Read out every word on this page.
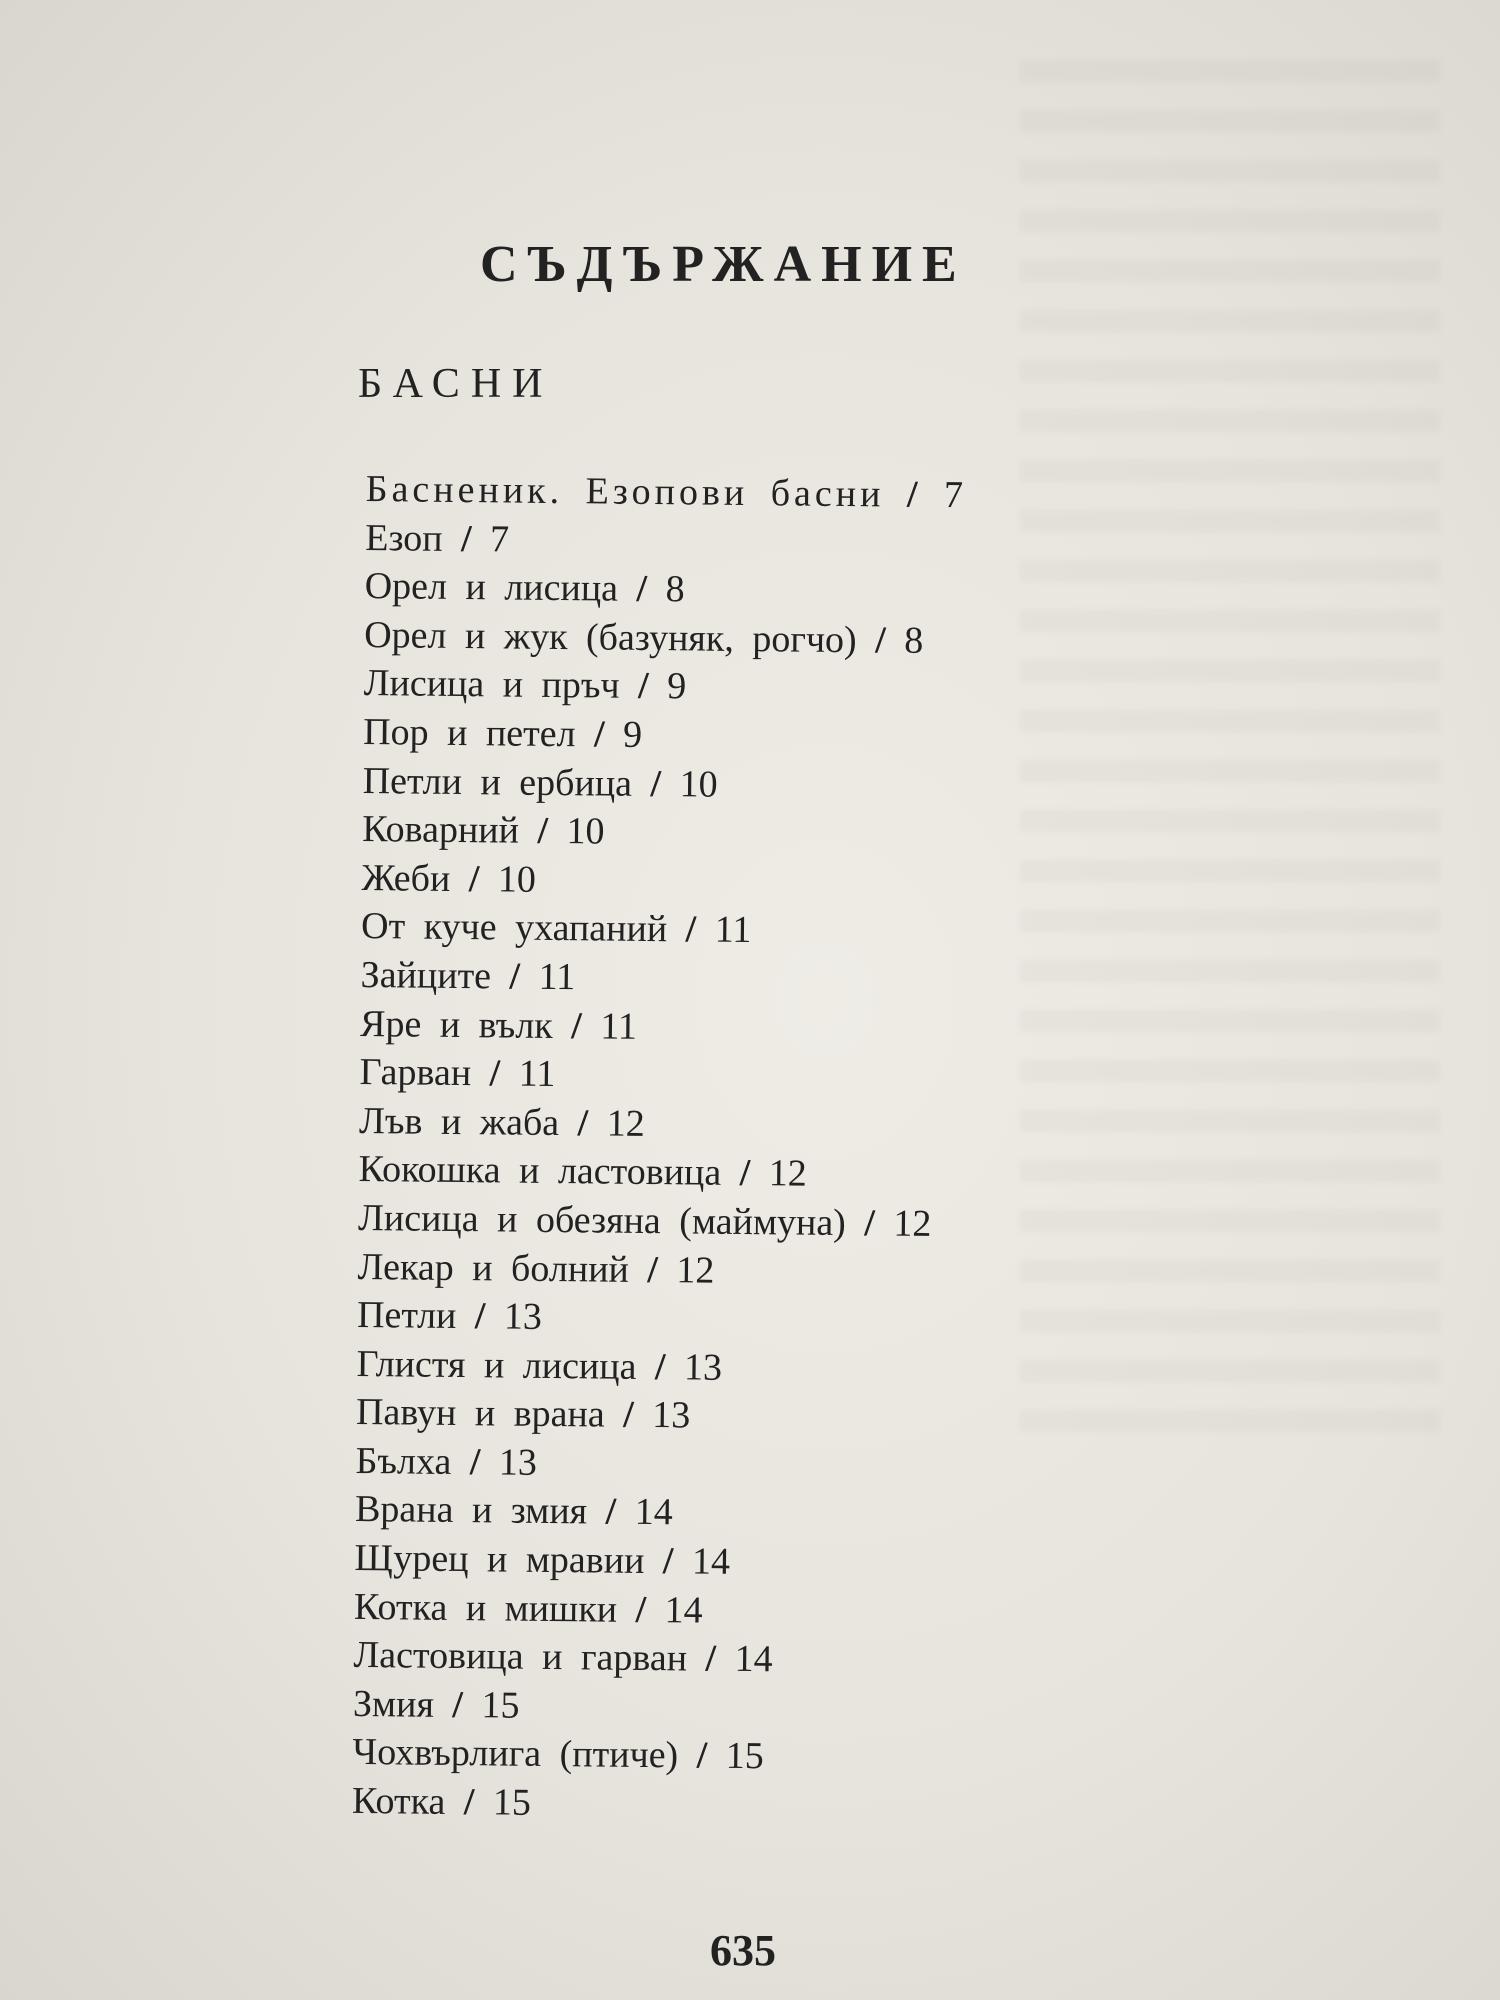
СЪДЪРЖАНИЕ
БАСНИ
Басненик. Езопови басни / 7
Езоп / 7
Орел и лисица / 8
Орел и жук (базуняк, рогчо) / 8
Лисица и пръч / 9
Пор и петел / 9
Петли и ербица / 10
Коварний / 10
Жеби / 10
От куче ухапаний / 11
Зайците / 11
Яре и вълк / 11
Гарван / 11
Лъв и жаба / 12
Кокошка и ластовица / 12
Лисица и обезяна (маймуна) / 12
Лекар и болний / 12
Петли / 13
Глистя и лисица / 13
Павун и врана / 13
Бълха / 13
Врана и змия / 14
Щурец и мравии / 14
Котка и мишки / 14
Ластовица и гарван / 14
Змия / 15
Чохвърлига (птиче) / 15
Котка / 15
635
